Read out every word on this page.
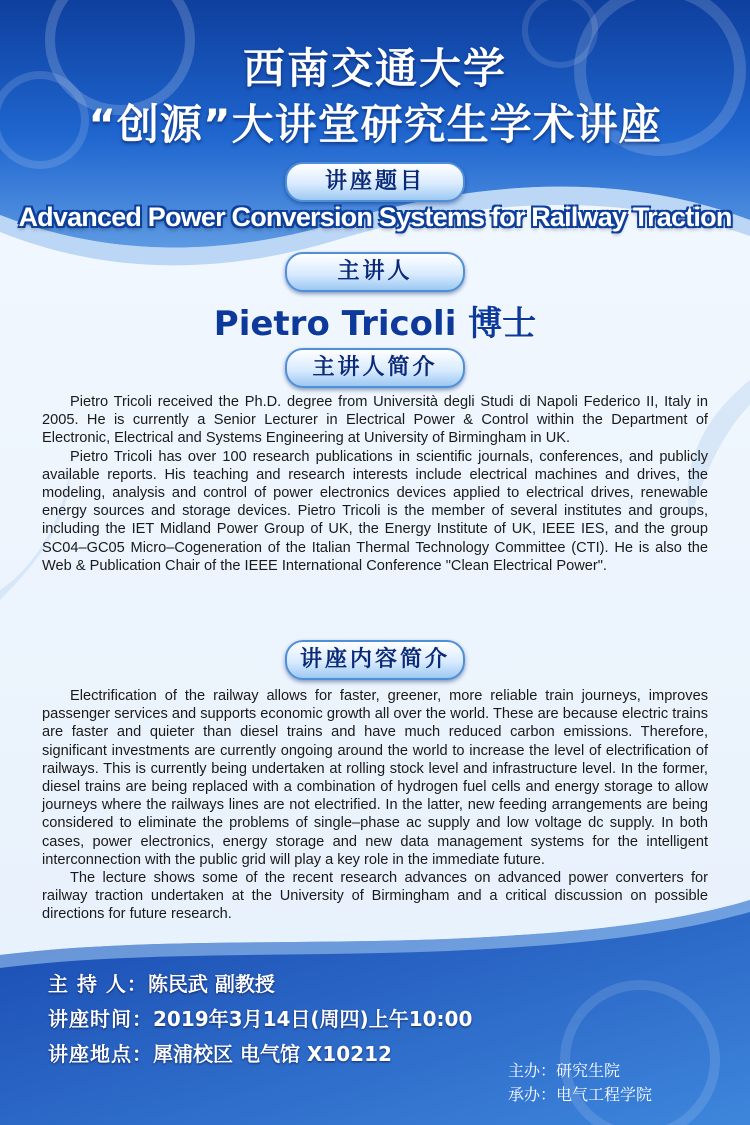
西南交通大学
“创源”大讲堂研究生学术讲座
讲座题目
Advanced Power Conversion Systems for Railway Traction
主讲人
Pietro Tricoli 博士
主讲人简介

Pietro Tricoli received the Ph.D. degree from Università degli Studi di Napoli Federico II, Italy in 2005. He is currently a Senior Lecturer in Electrical Power & Control within the Department of Electronic, Electrical and Systems Engineering at University of Birmingham in UK.

Pietro Tricoli has over 100 research publications in scientific journals, conferences, and publicly available reports. His teaching and research interests include electrical machines and drives, the modeling, analysis and control of power electronics devices applied to electrical drives, renewable energy sources and storage devices. Pietro Tricoli is the member of several institutes and groups, including the IET Midland Power Group of UK, the Energy Institute of UK, IEEE IES, and the group SC04–GC05 Micro–Cogeneration of the Italian Thermal Technology Committee (CTI). He is also the Web & Publication Chair of the IEEE International Conference "Clean Electrical Power".

讲座内容简介

Electrification of the railway allows for faster, greener, more reliable train journeys, improves passenger services and supports economic growth all over the world. These are because electric trains are faster and quieter than diesel trains and have much reduced carbon emissions. Therefore, significant investments are currently ongoing around the world to increase the level of electrification of railways. This is currently being undertaken at rolling stock level and infrastructure level. In the former, diesel trains are being replaced with a combination of hydrogen fuel cells and energy storage to allow journeys where the railways lines are not electrified. In the latter, new feeding arrangements are being considered to eliminate the problems of single–phase ac supply and low voltage dc supply. In both cases, power electronics, energy storage and new data management systems for the intelligent interconnection with the public grid will play a key role in the immediate future.

The lecture shows some of the recent research advances on advanced power converters for railway traction undertaken at the University of Birmingham and a critical discussion on possible directions for future research.

主 持 人：陈民武 副教授
讲座时间：2019年3月14日(周四)上午10:00
讲座地点：犀浦校区 电气馆 X10212
主办：研究生院
承办：电气工程学院
